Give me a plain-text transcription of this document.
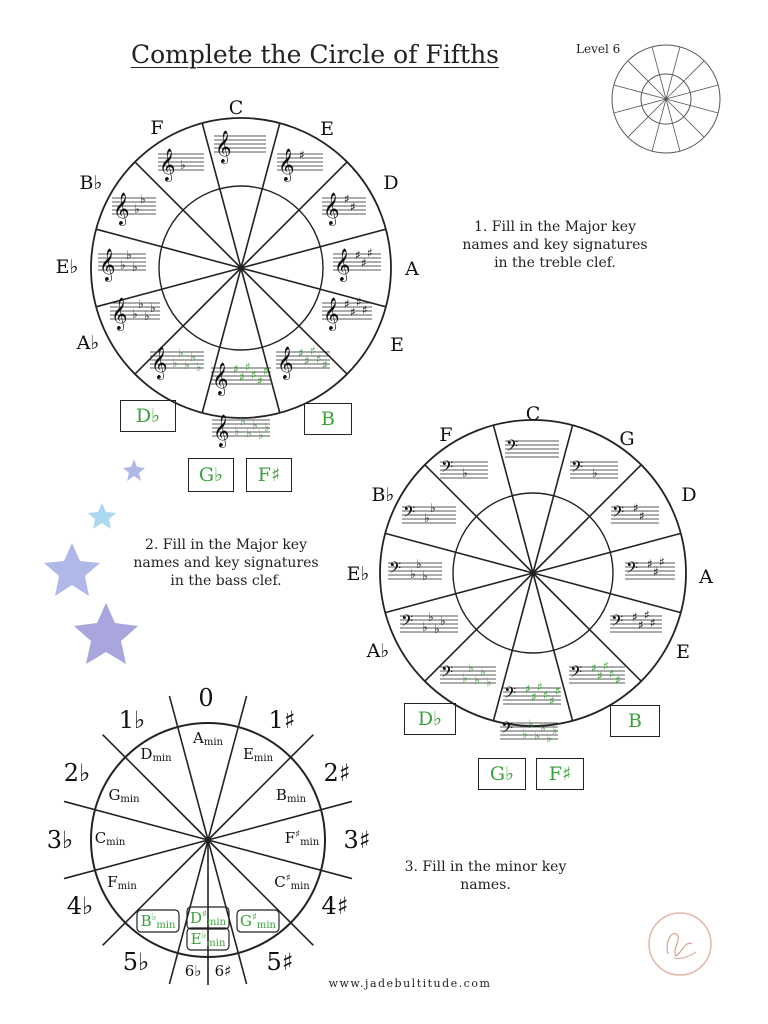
Complete the Circle of Fifths	Level 6
C
E
D
A
E
F
B♭
E♭
A♭
𝄞
𝄞 ♯
𝄞 ♯
♯
𝄞 ♯
♯
♯
𝄞 ♯
♯
♯
♯
𝄞 ♯
♯
♯
♯ ♯
𝄞 ♯
♯
♯
♯ ♯
♯
𝄞 ♭
♭
♭
♭
♭
𝄞 ♭
♭
♭
♭
𝄞 ♭
♭
♭
𝄞 ♭
♭
𝄞 ♭
𝄞 ♭
♭
♭
♭
♭
♭
D♭	B
G♭	F♯
1. Fill in the Major key names and key signatures in the treble clef.
2. Fill in the Major key names and key signatures in the bass clef.
C
G
D
A
E
F
B♭
E♭
A♭
𝄢
𝄢 ♭
𝄢 ♯
♯
𝄢 ♯
♯
♯
𝄢 ♯
♯
♯
♯
𝄢 ♯
♯
♯
♯ ♯
𝄢 ♯
♯
♯
♯ ♯
♯
𝄢 ♭
♭
♭
♭
♭
𝄢 ♭
♭
♭
♭
𝄢 ♭
♭
♭
𝄢 ♭
♭
𝄢 ♭
𝄢 ♭
♭
♭
♭
♭
♭
D♭	B
G♭	F♯
0
1♯
2♯
3♯
4♯
5♯
6♯
6♭
5♭
4♭
3♭
2♭
1♭
Amin
Emin
Bmin
$F^♯_{min}$
$C^♯_{min}$
$G^♯_{min}$
$D^♯_{min}$
$E^♭_{min}$
$B^♭_{min}$
Fmin
Cmin
Gmin
Dmin
3. Fill in the minor key names.
www.jadebultitude.com
